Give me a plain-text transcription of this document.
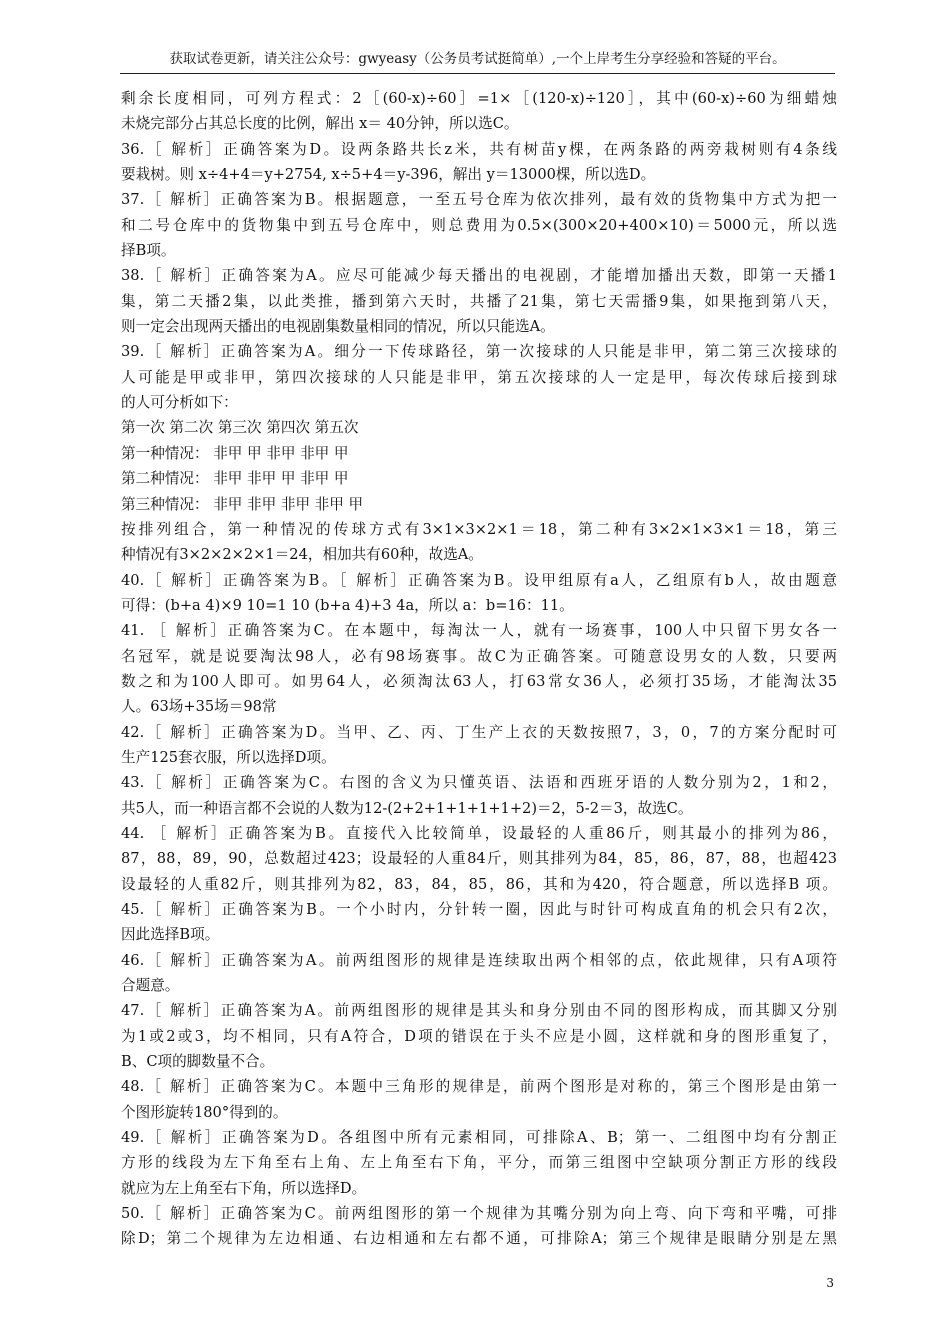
获取试卷更新，请关注公众号：gwyeasy（公务员考试挺简单）,一个上岸考生分享经验和答疑的平台。
剩余长度相同，可列方程式：2［(60-x)÷60］=1×［(120-x)÷120］，其中(60-x)÷60为细蜡烛
未烧完部分占其总长度的比例，解出 x＝ 40分钟，所以选C。
36.［ 解析］正确答案为D。设两条路共长z米，共有树苗y棵，在两条路的两旁栽树则有4条线
要栽树。则 x÷4+4＝y+2754, x÷5+4＝y-396，解出 y＝13000棵，所以选D。
37.［ 解析］正确答案为B。根据题意，一至五号仓库为依次排列，最有效的货物集中方式为把一
和二号仓库中的货物集中到五号仓库中，则总费用为0.5×(300×20+400×10)＝5000元，所以选
择B项。
38.［ 解析］正确答案为A。应尽可能减少每天播出的电视剧，才能增加播出天数，即第一天播1
集，第二天播2集，以此类推，播到第六天时，共播了21集，第七天需播9集，如果拖到第八天，
则一定会出现两天播出的电视剧集数量相同的情况，所以只能选A。
39.［ 解析］正确答案为A。细分一下传球路径，第一次接球的人只能是非甲，第二第三次接球的
人可能是甲或非甲，第四次接球的人只能是非甲，第五次接球的人一定是甲，每次传球后接到球
的人可分析如下：
第一次 第二次 第三次 第四次 第五次
第一种情况： 非甲 甲 非甲 非甲 甲
第二种情况： 非甲 非甲 甲 非甲 甲
第三种情况： 非甲 非甲 非甲 非甲 甲
按排列组合，第一种情况的传球方式有3×1×3×2×1＝18，第二种有3×2×1×3×1＝18，第三
种情况有3×2×2×2×1＝24，相加共有60种，故选A。
40.［ 解析］正确答案为B。［ 解析］正确答案为B。设甲组原有a人，乙组原有b人，故由题意
可得：(b+a 4)×9 10=1 10 (b+a 4)+3 4a，所以 a：b=16：11。
41. ［ 解析］正确答案为C。在本题中，每淘汰一人，就有一场赛事，100人中只留下男女各一
名冠军，就是说要淘汰98人，必有98场赛事。故C为正确答案。可随意设男女的人数，只要两
数之和为100人即可。如男64人，必须淘汰63人，打63常女36人，必须打35场，才能淘汰35
人。63场+35场＝98常
42.［ 解析］正确答案为D。当甲、乙、丙、丁生产上衣的天数按照7，3，0，7的方案分配时可
生产125套衣服，所以选择D项。
43.［ 解析］正确答案为C。右图的含义为只懂英语、法语和西班牙语的人数分别为2，1和2，
共5人，而一种语言都不会说的人数为12-(2+2+1+1+1+1+2)＝2，5-2＝3，故选C。
44. ［ 解析］正确答案为B。直接代入比较简单，设最轻的人重86斤，则其最小的排列为86，
87，88，89，90，总数超过423；设最轻的人重84斤，则其排列为84，85，86，87，88，也超423
设最轻的人重82斤，则其排列为82，83，84，85，86，其和为420，符合题意，所以选择B 项。
45.［ 解析］正确答案为B。一个小时内，分针转一圈，因此与时针可构成直角的机会只有2次，
因此选择B项。
46.［ 解析］正确答案为A。前两组图形的规律是连续取出两个相邻的点，依此规律，只有A项符
合题意。
47.［ 解析］正确答案为A。前两组图形的规律是其头和身分别由不同的图形构成，而其脚又分别
为1或2或3，均不相同，只有A符合，D项的错误在于头不应是小圆，这样就和身的图形重复了，
B、C项的脚数量不合。
48.［ 解析］正确答案为C。本题中三角形的规律是，前两个图形是对称的，第三个图形是由第一
个图形旋转180°得到的。
49.［ 解析］正确答案为D。各组图中所有元素相同，可排除A、B；第一、二组图中均有分割正
方形的线段为左下角至右上角、左上角至右下角，平分，而第三组图中空缺项分割正方形的线段
就应为左上角至右下角，所以选择D。
50.［ 解析］正确答案为C。前两组图形的第一个规律为其嘴分别为向上弯、向下弯和平嘴，可排
除D；第二个规律为左边相通、右边相通和左右都不通，可排除A；第三个规律是眼睛分别是左黑
3
